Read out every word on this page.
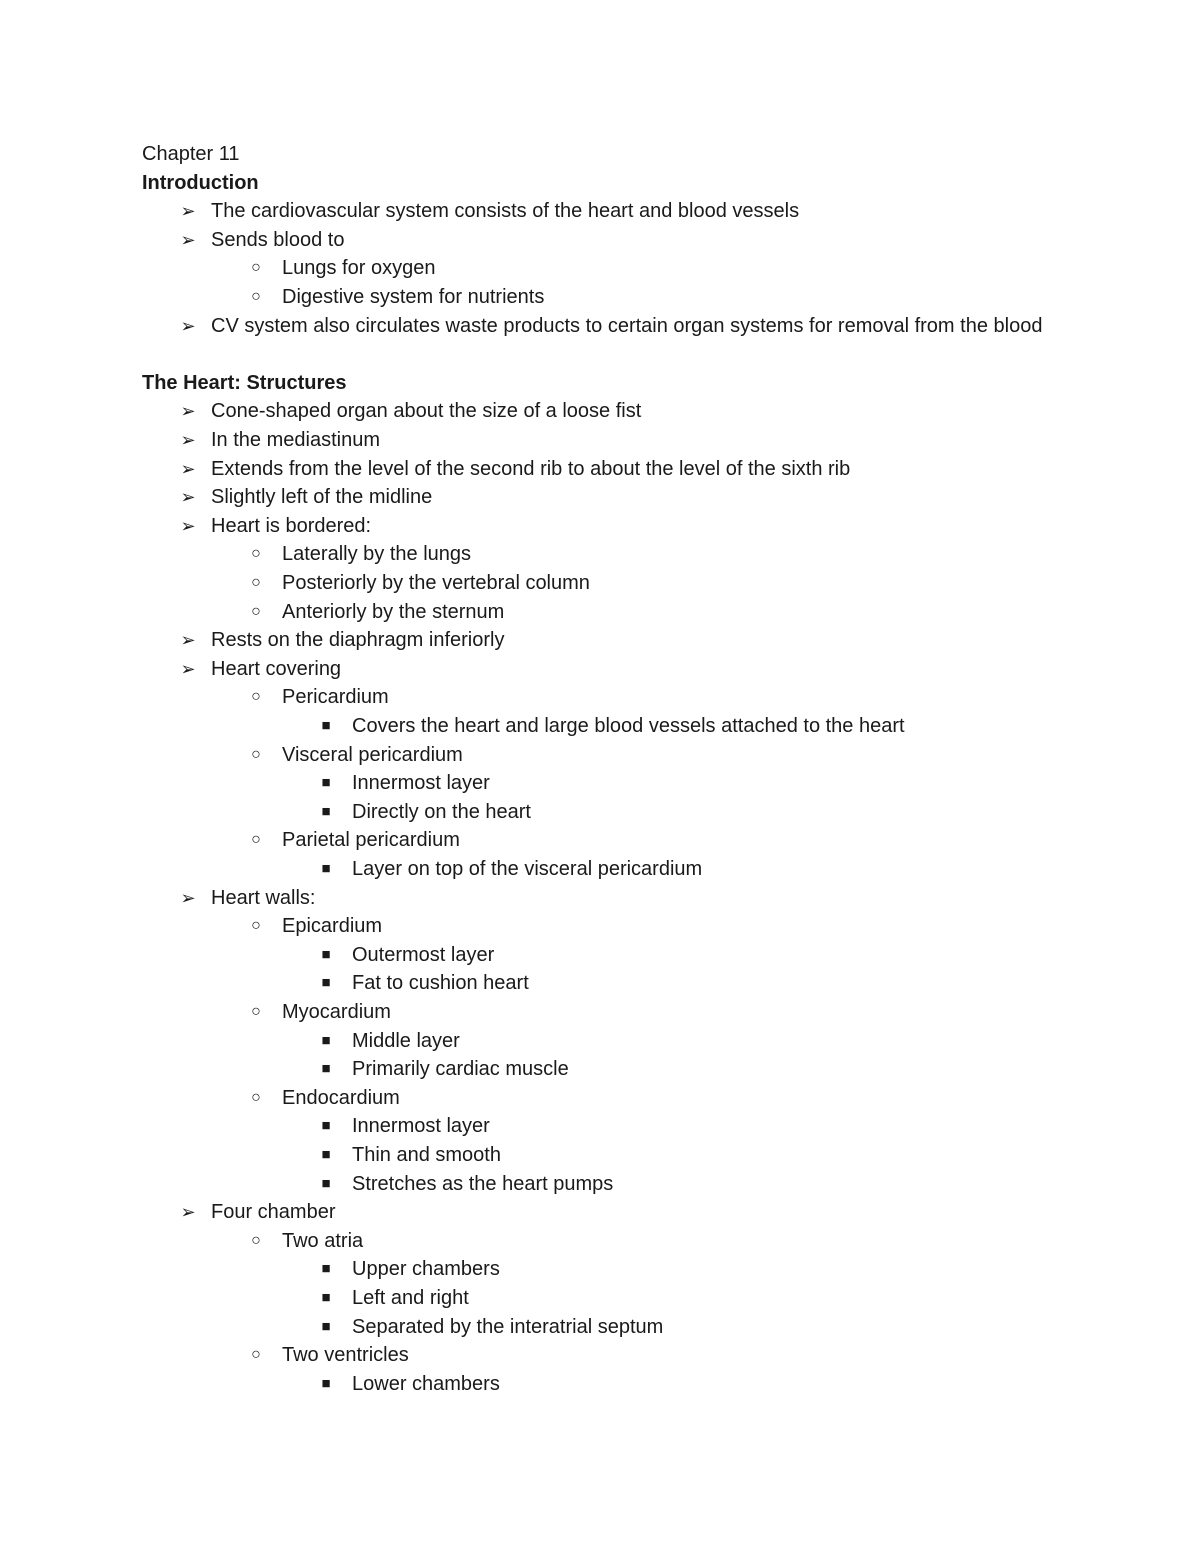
Chapter 11
Introduction
➢ The cardiovascular system consists of the heart and blood vessels
➢ Sends blood to
○	Lungs for oxygen
○	Digestive system for nutrients
➢ CV system also circulates waste products to certain organ systems for removal from the blood
The Heart: Structures
➢ Cone-shaped organ about the size of a loose fist
➢ In the mediastinum
➢ Extends from the level of the second rib to about the level of the sixth rib
➢ Slightly left of the midline
➢ Heart is bordered:
○	Laterally by the lungs
○	Posteriorly by the vertebral column
○	Anteriorly by the sternum
➢ Rests on the diaphragm inferiorly
➢ Heart covering
○	Pericardium
■	Covers the heart and large blood vessels attached to the heart
○	Visceral pericardium
■	Innermost layer
■	Directly on the heart
○	Parietal pericardium
■	Layer on top of the visceral pericardium
➢ Heart walls:
○	Epicardium
■	Outermost layer
■	Fat to cushion heart
○	Myocardium
■	Middle layer
■	Primarily cardiac muscle
○	Endocardium
■	Innermost layer
■	Thin and smooth
■	Stretches as the heart pumps
➢ Four chamber
○	Two atria
■	Upper chambers
■	Left and right
■	Separated by the interatrial septum
○	Two ventricles
■	Lower chambers
